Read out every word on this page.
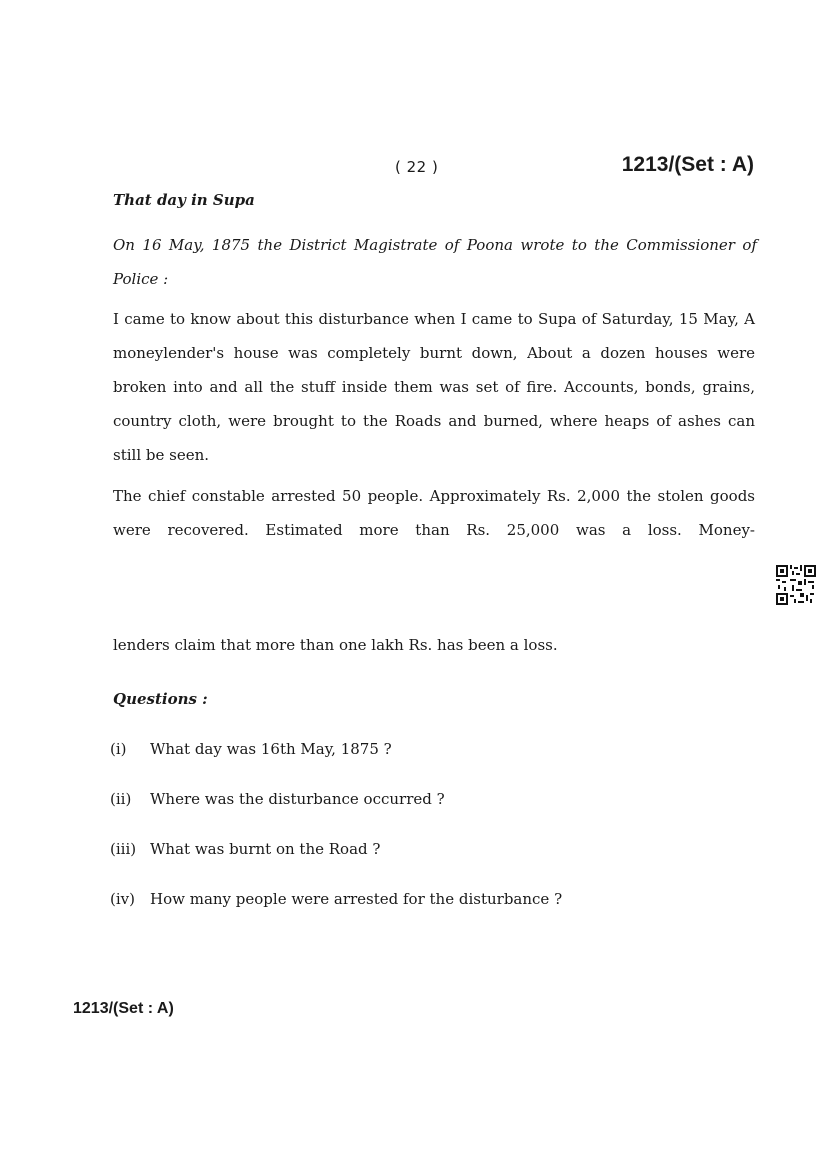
( 22 )	1213/(Set : A)
That day in Supa
On 16 May, 1875 the District Magistrate of Poona wrote to the Commissioner of Police :
I came to know about this disturbance when I came to Supa of Saturday, 15 May, A moneylender's house was completely burnt down, About a dozen houses were broken into and all the stuff inside them was set of fire. Accounts, bonds, grains, country cloth, were brought to the Roads and burned, where heaps of ashes can still be seen.
The chief constable arrested 50 people. Approximately Rs. 2,000 the stolen goods were recovered. Estimated more than Rs. 25,000 was a loss. Money-
lenders claim that more than one lakh Rs. has been a loss.
Questions :
(i) What day was 16th May, 1875 ?
(ii) Where was the disturbance occurred ?
(iii) What was burnt on the Road ?
(iv) How many people were arrested for the disturbance ?
1213/(Set : A)
